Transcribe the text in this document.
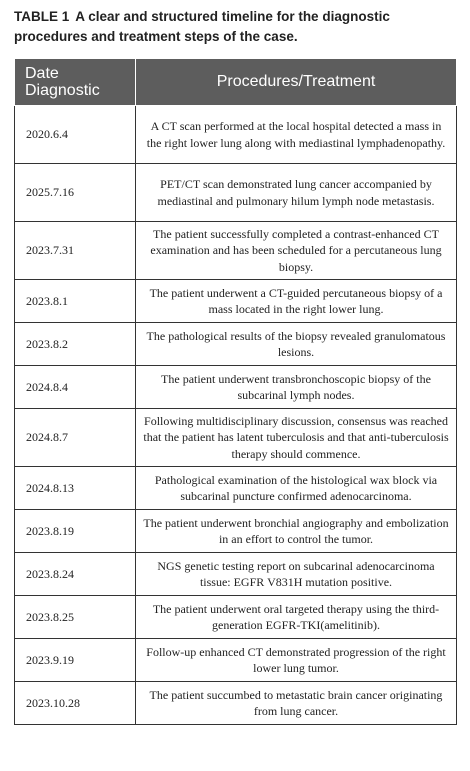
TABLE 1 A clear and structured timeline for the diagnostic procedures and treatment steps of the case.
Date Diagnostic	Procedures/Treatment
2020.6.4	A CT scan performed at the local hospital detected a mass in the right lower lung along with mediastinal lymphadenopathy.
2025.7.16	PET/CT scan demonstrated lung cancer accompanied by mediastinal and pulmonary hilum lymph node metastasis.
2023.7.31	The patient successfully completed a contrast-enhanced CT examination and has been scheduled for a percutaneous lung biopsy.
2023.8.1	The patient underwent a CT-guided percutaneous biopsy of a mass located in the right lower lung.
2023.8.2	The pathological results of the biopsy revealed granulomatous lesions.
2024.8.4	The patient underwent transbronchoscopic biopsy of the subcarinal lymph nodes.
2024.8.7	Following multidisciplinary discussion, consensus was reached that the patient has latent tuberculosis and that anti-tuberculosis therapy should commence.
2024.8.13	Pathological examination of the histological wax block via subcarinal puncture confirmed adenocarcinoma.
2023.8.19	The patient underwent bronchial angiography and embolization in an effort to control the tumor.
2023.8.24	NGS genetic testing report on subcarinal adenocarcinoma tissue: EGFR V831H mutation positive.
2023.8.25	The patient underwent oral targeted therapy using the third-generation EGFR-TKI(amelitinib).
2023.9.19	Follow-up enhanced CT demonstrated progression of the right lower lung tumor.
2023.10.28	The patient succumbed to metastatic brain cancer originating from lung cancer.
